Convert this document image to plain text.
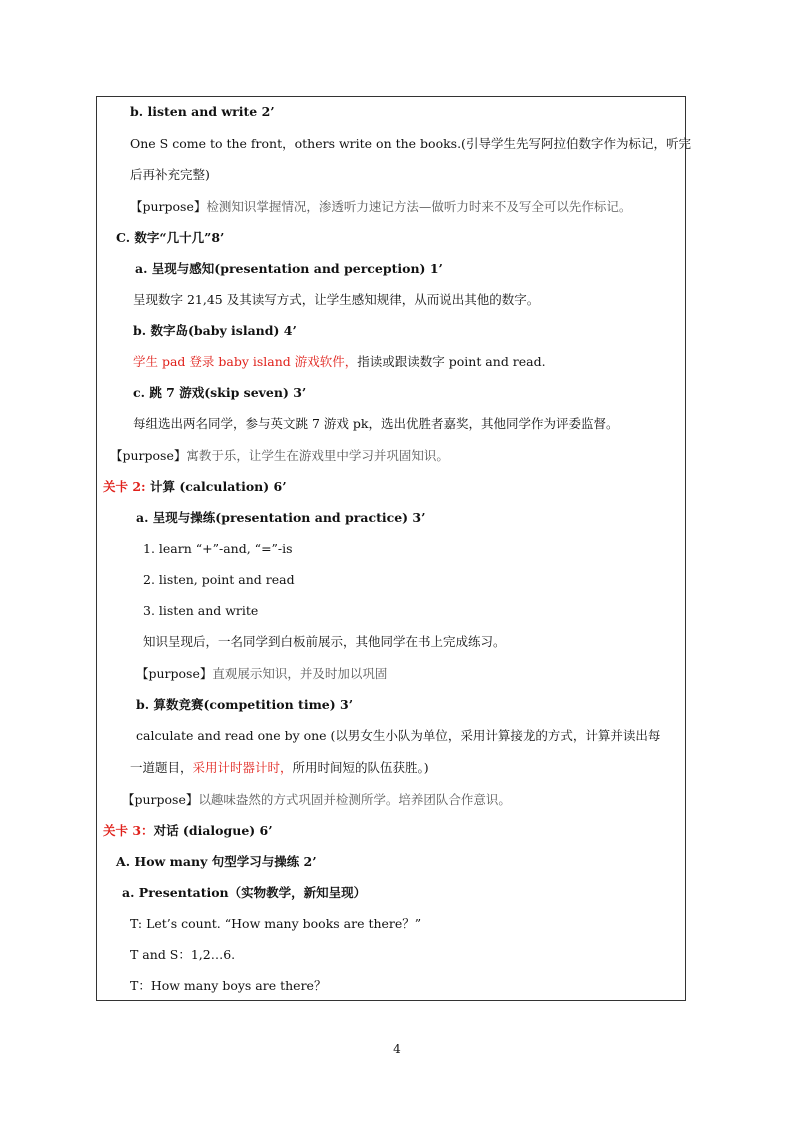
b. listen and write 2’
One S come to the front，others write on the books.(引导学生先写阿拉伯数字作为标记，听完
后再补充完整)
【purpose】检测知识掌握情况，渗透听力速记方法—做听力时来不及写全可以先作标记。
C. 数字“几十几”8’
a. 呈现与感知(presentation and perception) 1’
呈现数字 21,45 及其读写方式，让学生感知规律，从而说出其他的数字。
b. 数字岛(baby island) 4’
学生 pad 登录 baby island 游戏软件，指读或跟读数字 point and read.
c. 跳 7 游戏(skip seven) 3’
每组选出两名同学，参与英文跳 7 游戏 pk，选出优胜者嘉奖，其他同学作为评委监督。
【purpose】寓教于乐，让学生在游戏里中学习并巩固知识。
关卡 2: 计算 (calculation) 6’
a. 呈现与操练(presentation and practice) 3’
1. learn “+”-and, “=”-is
2. listen, point and read
3. listen and write
知识呈现后，一名同学到白板前展示，其他同学在书上完成练习。
【purpose】直观展示知识，并及时加以巩固
b. 算数竞赛(competition time) 3’
calculate and read one by one (以男女生小队为单位，采用计算接龙的方式，计算并读出每
一道题目，采用计时器计时，所用时间短的队伍获胜。)
【purpose】以趣味盎然的方式巩固并检测所学。培养团队合作意识。
关卡 3：对话 (dialogue) 6’
A. How many 句型学习与操练 2’
a. Presentation（实物教学，新知呈现）
T: Let’s count. “How many books are there？”
T and S：1,2…6.
T：How many boys are there？
4
